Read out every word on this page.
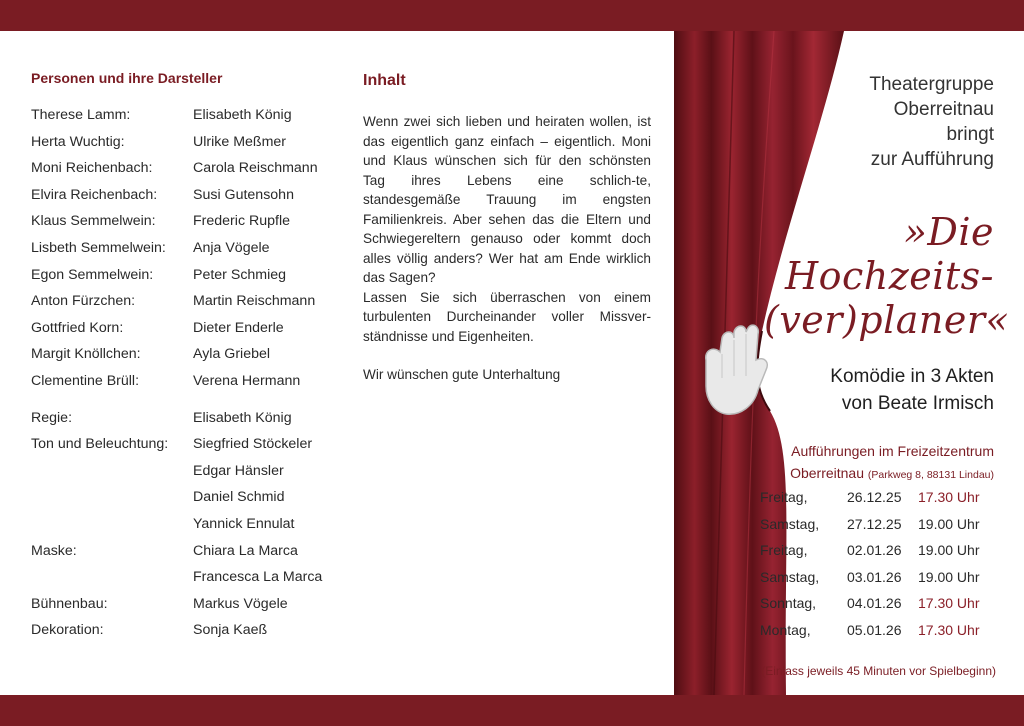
Personen und ihre Darsteller
Therese Lamm:	Elisabeth König
Herta Wuchtig:	Ulrike Meßmer
Moni Reichenbach:	Carola Reischmann
Elvira Reichenbach:	Susi Gutensohn
Klaus Semmelwein:	Frederic Rupfle
Lisbeth Semmelwein:	Anja Vögele
Egon Semmelwein:	Peter Schmieg
Anton Fürzchen:	Martin Reischmann
Gottfried Korn:	Dieter Enderle
Margit Knöllchen:	Ayla Griebel
Clementine Brüll:	Verena Hermann
Regie:	Elisabeth König
Ton und Beleuchtung:	Siegfried Stöckeler
Edgar Hänsler
Daniel Schmid
Yannick Ennulat
Maske:	Chiara La Marca
Francesca La Marca
Bühnenbau:	Markus Vögele
Dekoration:	Sonja Kaeß
Inhalt

Wenn zwei sich lieben und heiraten wollen, ist das eigentlich ganz einfach – eigentlich. Moni und Klaus wünschen sich für den schönsten Tag ihres Lebens eine schlich-te, standesgemäße Trauung im engsten Familienkreis. Aber sehen das die Eltern und Schwiegereltern genauso oder kommt doch alles völlig anders? Wer hat am Ende wirklich das Sagen?
Lassen Sie sich überraschen von einem turbulenten Durcheinander voller Missver-ständnisse und Eigenheiten.

Wir wünschen gute Unterhaltung

Theatergruppe
Oberreitnau
bringt
zur Aufführung
»Die
Hochzeits-
(ver)planer«
Komödie in 3 Akten
von Beate Irmisch
Aufführungen im Freizeitzentrum
Oberreitnau (Parkweg 8, 88131 Lindau)
Freitag,	26.12.25	17.30 Uhr
Samstag,	27.12.25	19.00 Uhr
Freitag,	02.01.26	19.00 Uhr
Samstag,	03.01.26	19.00 Uhr
Sonntag,	04.01.26	17.30 Uhr
Montag,	05.01.26	17.30 Uhr
(Einlass jeweils 45 Minuten vor Spielbeginn)
